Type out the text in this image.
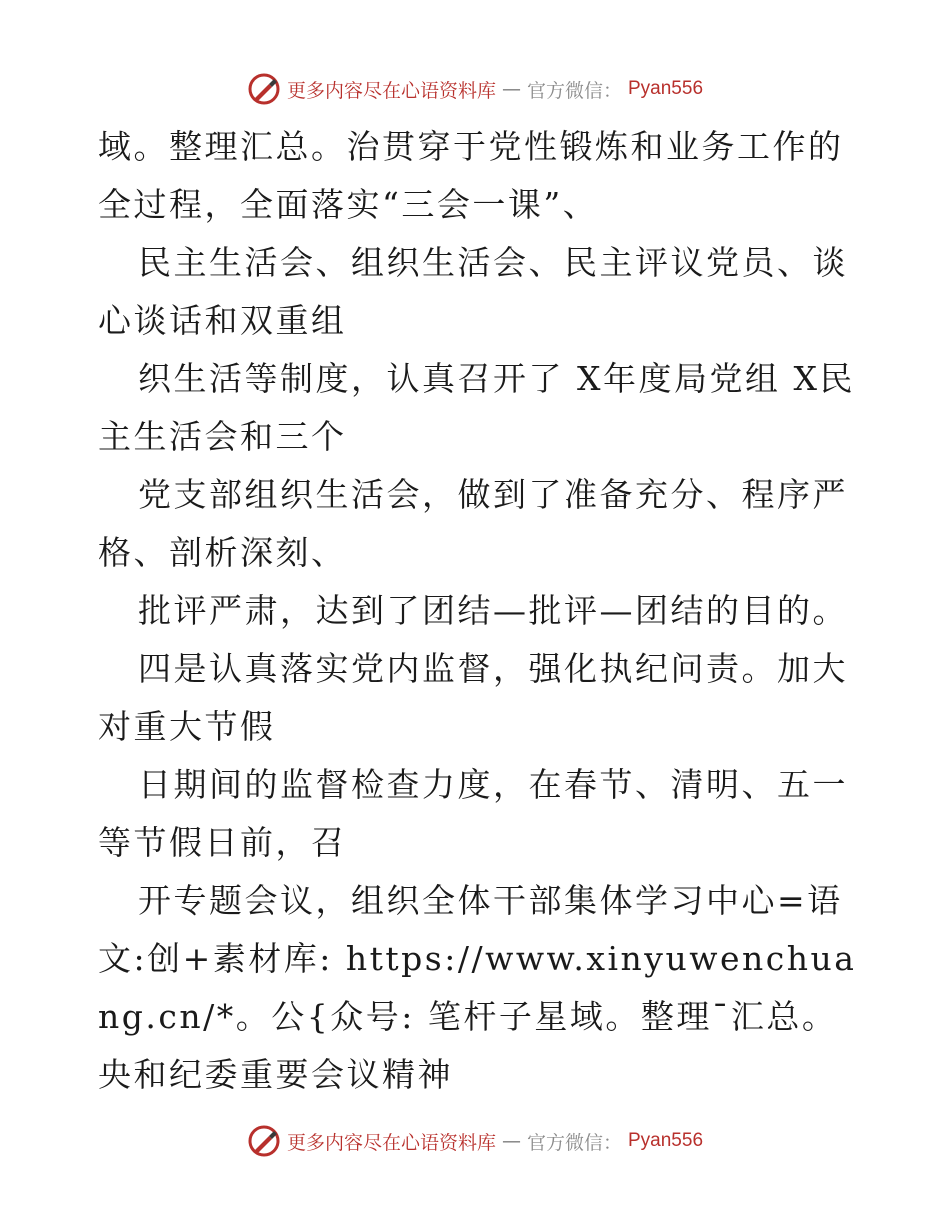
更多内容尽在心语资料库 — 官方微信： Pyan556

域。整理汇总。治贯穿于党性锻炼和业务工作的全过程，全面落实“三会一课”、

民主生活会、组织生活会、民主评议党员、谈心谈话和双重组

织生活等制度，认真召开了 X年度局党组 X民主生活会和三个

党支部组织生活会，做到了准备充分、程序严格、剖析深刻、

批评严肃，达到了团结—批评—团结的目的。

四是认真落实党内监督，强化执纪问责。加大对重大节假

日期间的监督检查力度，在春节、清明、五一等节假日前，召

开专题会议，组织全体干部集体学习中心=语文:创+素材库: https://www.xinyuwenchuang.cn/*。公{众号: 笔杆子星域。整理¯汇总。央和纪委重要会议精神

更多内容尽在心语资料库 — 官方微信： Pyan556
